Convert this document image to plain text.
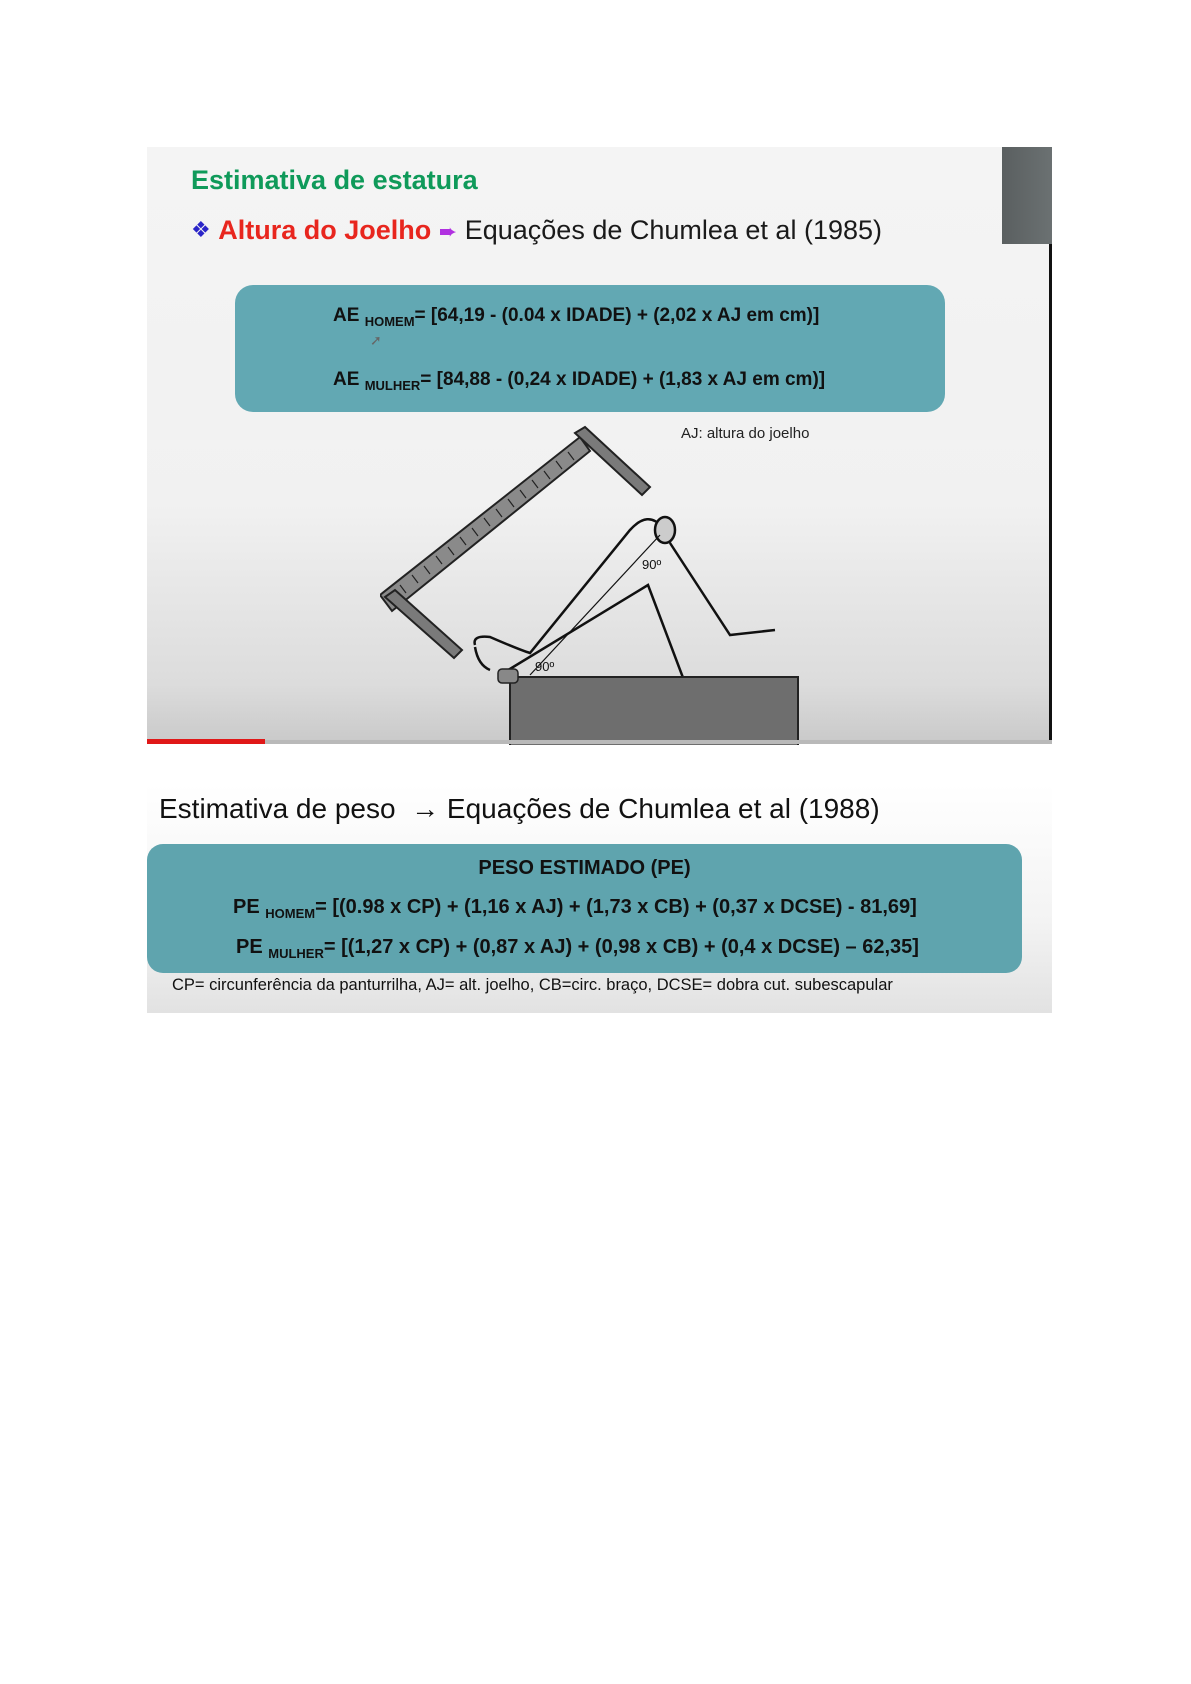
Estimativa de estatura
❖ Altura do Joelho ➨ Equações de Chumlea et al (1985)
AE $_{HOMEM}$= [64,19 - (0.04 x IDADE) + (2,02 x AJ em cm)]
AE $_{MULHER}$= [84,88 - (0,24 x IDADE) + (1,83 x AJ em cm)]
➚
AJ: altura do joelho
90º
90º
Estimativa de peso → Equações de Chumlea et al (1988)
PESO ESTIMADO (PE)
PE $_{HOMEM}$= [(0.98 x CP) + (1,16 x AJ) + (1,73 x CB) + (0,37 x DCSE) - 81,69]
PE $_{MULHER}$= [(1,27 x CP) + (0,87 x AJ) + (0,98 x CB) + (0,4 x DCSE) – 62,35]
CP= circunferência da panturrilha, AJ= alt. joelho, CB=circ. braço, DCSE= dobra cut. subescapular
